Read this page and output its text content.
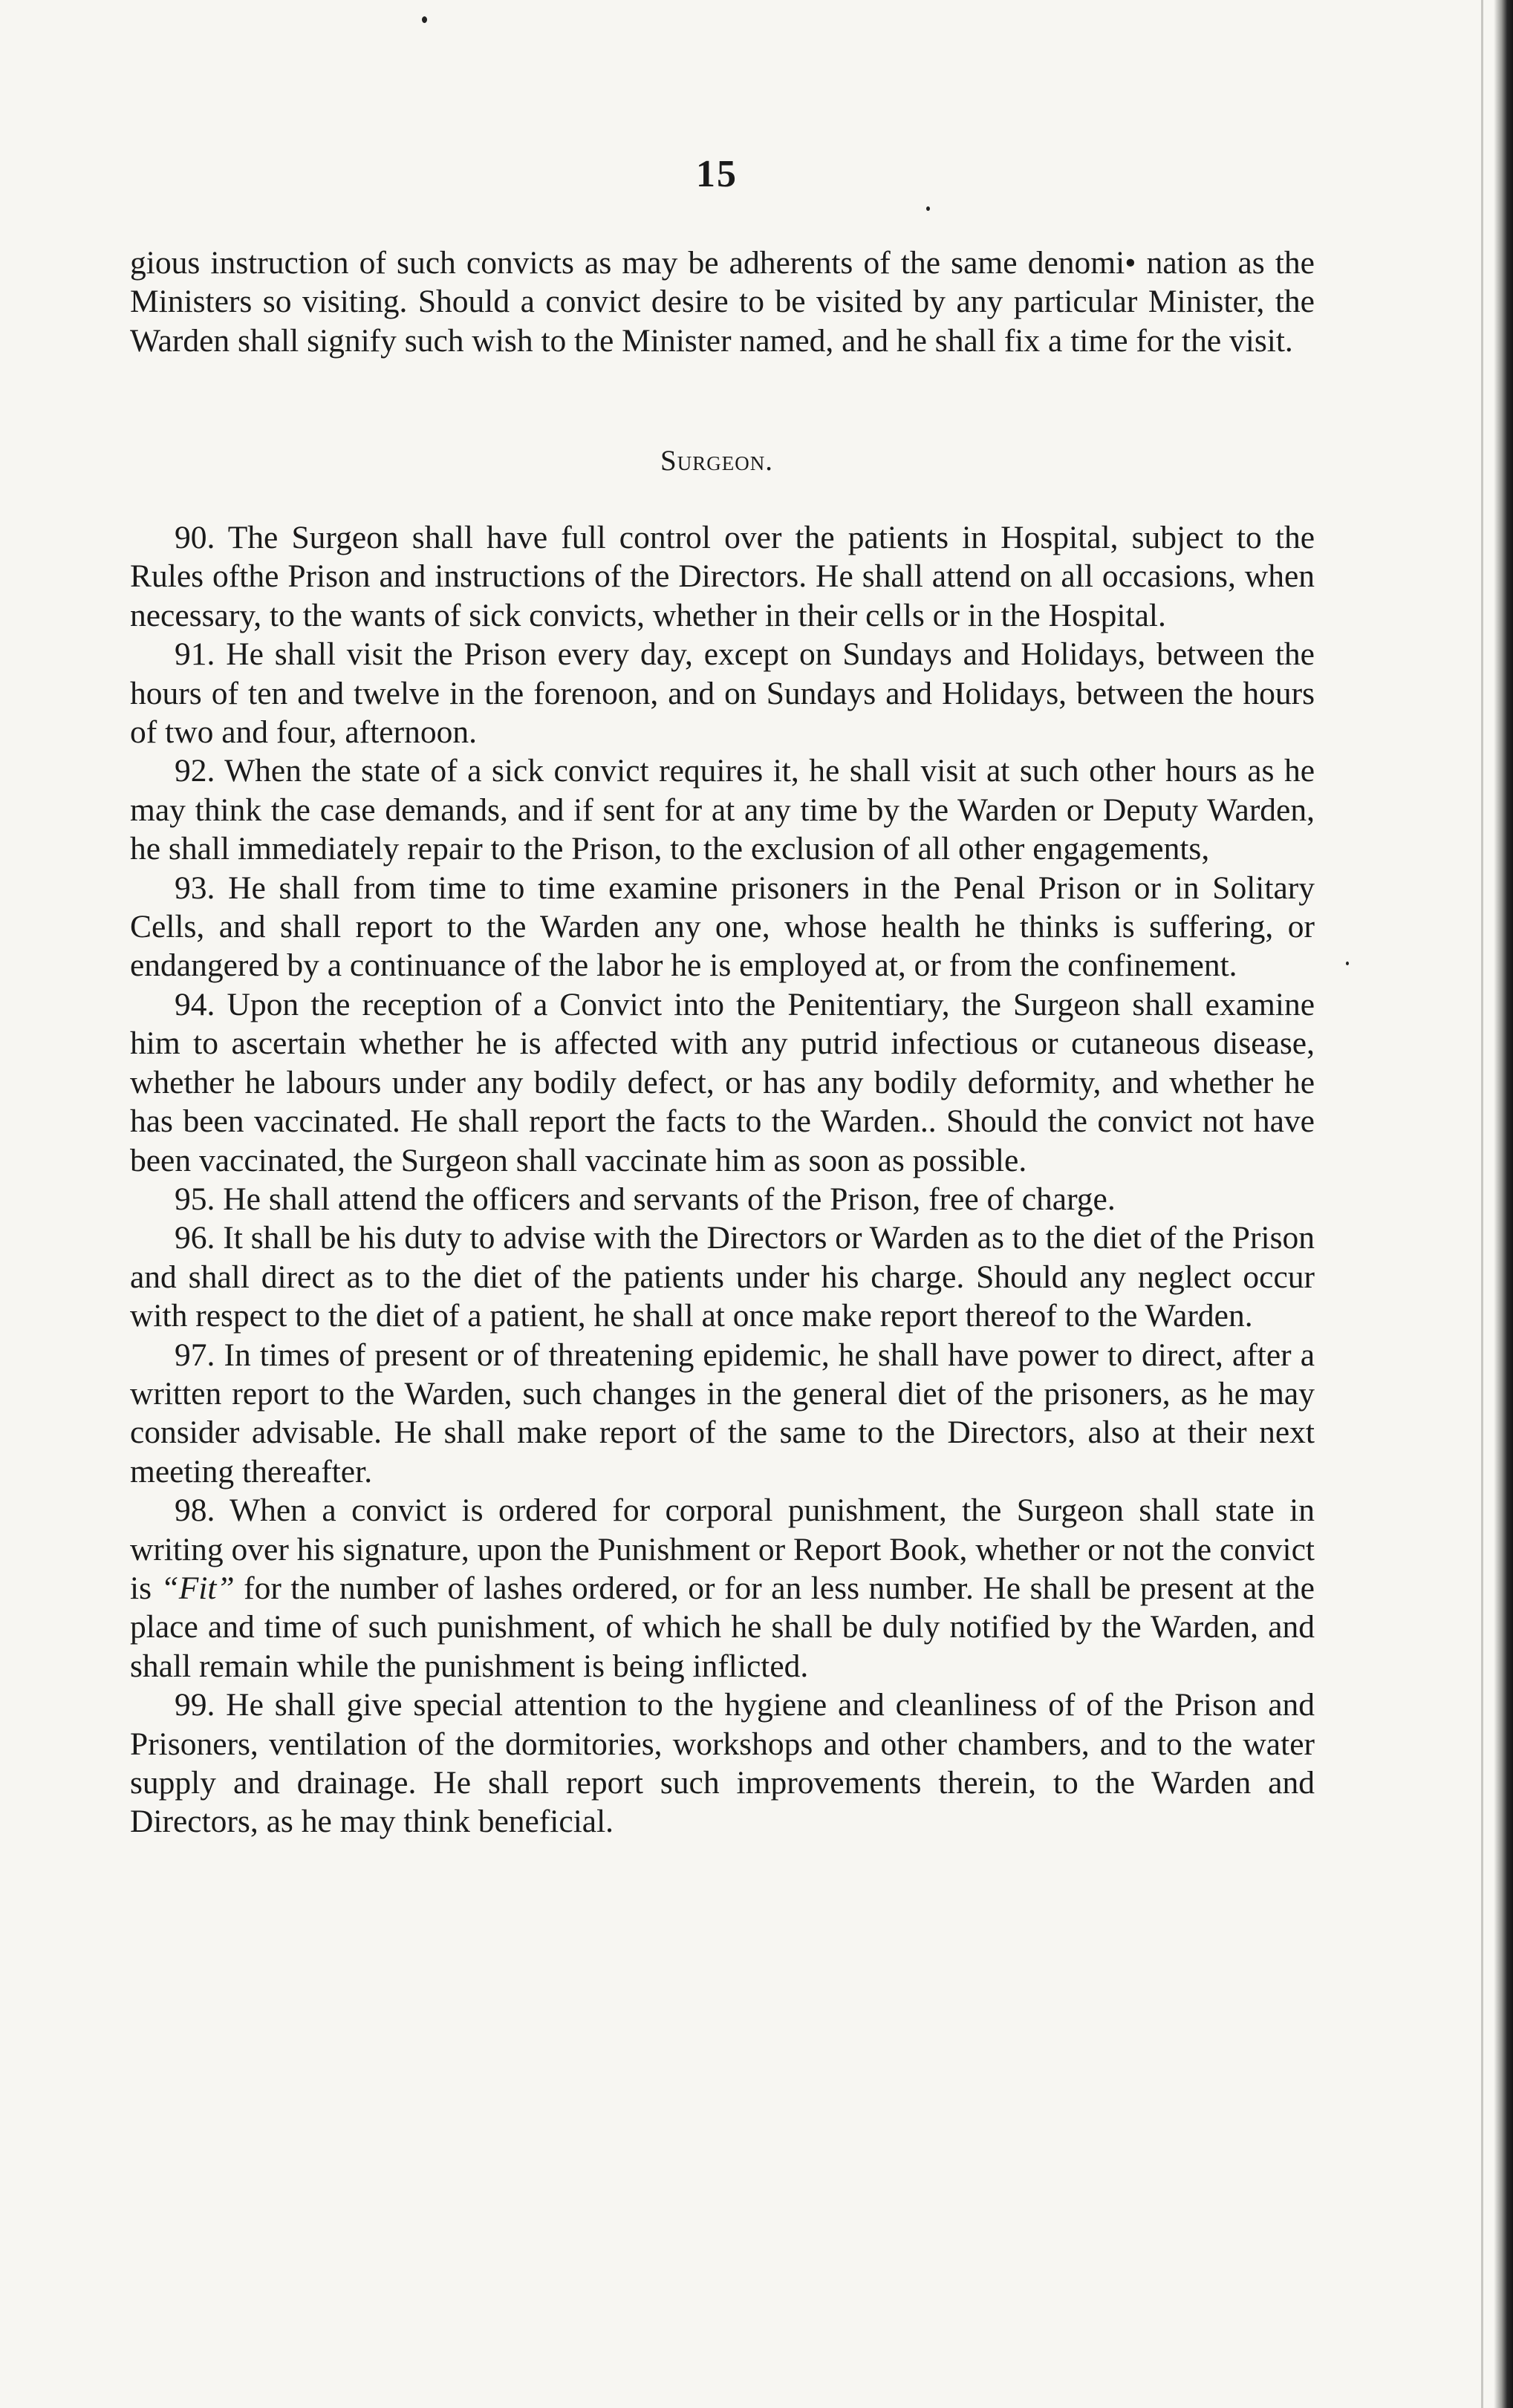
15

gious instruction of such convicts as may be adherents of the same denomi• nation as the Ministers so visiting. Should a convict desire to be visited by any particular Minister, the Warden shall signify such wish to the Minister named, and he shall fix a time for the visit.

Surgeon.

90. The Surgeon shall have full control over the patients in Hospital, subject to the Rules ofthe Prison and instructions of the Directors. He shall attend on all occasions, when necessary, to the wants of sick convicts, whether in their cells or in the Hospital.

91. He shall visit the Prison every day, except on Sundays and Holidays, between the hours of ten and twelve in the forenoon, and on Sundays and Holidays, between the hours of two and four, afternoon.

92. When the state of a sick convict requires it, he shall visit at such other hours as he may think the case demands, and if sent for at any time by the Warden or Deputy Warden, he shall immediately repair to the Prison, to the exclusion of all other engagements,

93. He shall from time to time examine prisoners in the Penal Prison or in Solitary Cells, and shall report to the Warden any one, whose health he thinks is suffering, or endangered by a continuance of the labor he is employed at, or from the confinement.

94. Upon the reception of a Convict into the Penitentiary, the Surgeon shall examine him to ascertain whether he is affected with any putrid infectious or cutaneous disease, whether he labours under any bodily defect, or has any bodily deformity, and whether he has been vaccinated. He shall report the facts to the Warden.. Should the convict not have been vaccinated, the Surgeon shall vaccinate him as soon as possible.

95. He shall attend the officers and servants of the Prison, free of charge.

96. It shall be his duty to advise with the Directors or Warden as to the diet of the Prison and shall direct as to the diet of the patients under his charge. Should any neglect occur with respect to the diet of a patient, he shall at once make report thereof to the Warden.

97. In times of present or of threatening epidemic, he shall have power to direct, after a written report to the Warden, such changes in the general diet of the prisoners, as he may consider advisable. He shall make report of the same to the Directors, also at their next meeting thereafter.

98. When a convict is ordered for corporal punishment, the Surgeon shall state in writing over his signature, upon the Punishment or Report Book, whether or not the convict is “Fit” for the number of lashes ordered, or for an less number. He shall be present at the place and time of such punishment, of which he shall be duly notified by the Warden, and shall remain while the punishment is being inflicted.

99. He shall give special attention to the hygiene and cleanliness of of the Prison and Prisoners, ventilation of the dormitories, workshops and other chambers, and to the water supply and drainage. He shall report such improvements therein, to the Warden and Directors, as he may think beneficial.
